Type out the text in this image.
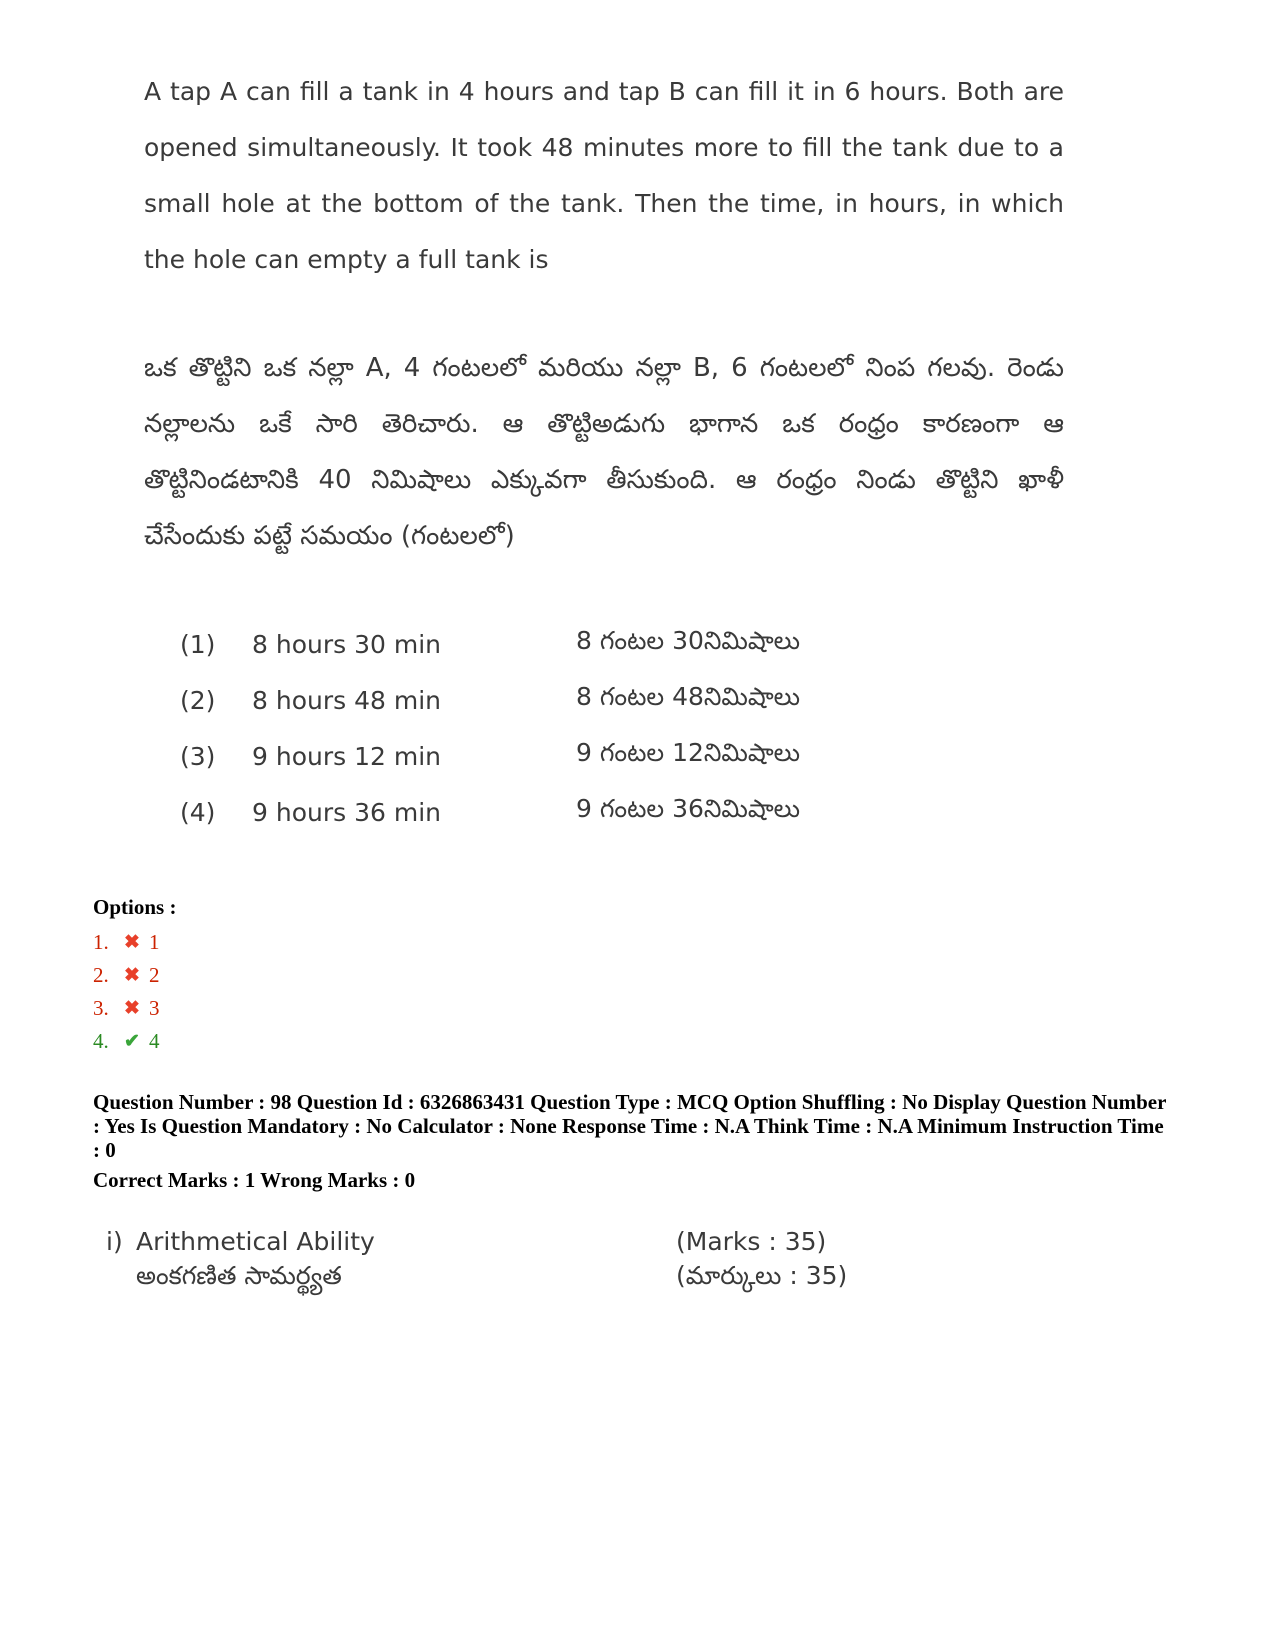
A tap A can fill a tank in 4 hours and tap B can fill it in 6 hours. Both are opened simultaneously. It took 48 minutes more to fill the tank due to a small hole at the bottom of the tank. Then the time, in hours, in which the hole can empty a full tank is

ఒక తొట్టిని ఒక నల్లా A, 4 గంటలలో మరియు నల్లా B, 6 గంటలలో నింప గలవు. రెండు నల్లాలను ఒకే సారి తెరిచారు. ఆ తొట్టిఅడుగు భాగాన ఒక రంధ్రం కారణంగా ఆ తొట్టినిండటానికి 40 నిమిషాలు ఎక్కువగా తీసుకుంది. ఆ రంధ్రం నిండు తొట్టిని ఖాళీ చేసేందుకు పట్టే సమయం (గంటలలో)

(1)	8 hours 30 min	8 గంటల 30నిమిషాలు
(2)	8 hours 48 min	8 గంటల 48నిమిషాలు
(3)	9 hours 12 min	9 గంటల 12నిమిషాలు
(4)	9 hours 36 min	9 గంటల 36నిమిషాలు
Options :
1. ✖ 1
2. ✖ 2
3. ✖ 3
4. ✔ 4

Question Number : 98 Question Id : 6326863431 Question Type : MCQ Option Shuffling : No Display Question Number : Yes Is Question Mandatory : No Calculator : None Response Time : N.A Think Time : N.A Minimum Instruction Time : 0

Correct Marks : 1 Wrong Marks : 0
i) Arithmetical Ability	(Marks : 35)
అంకగణిత సామర్థ్యత	(మార్కులు : 35)
